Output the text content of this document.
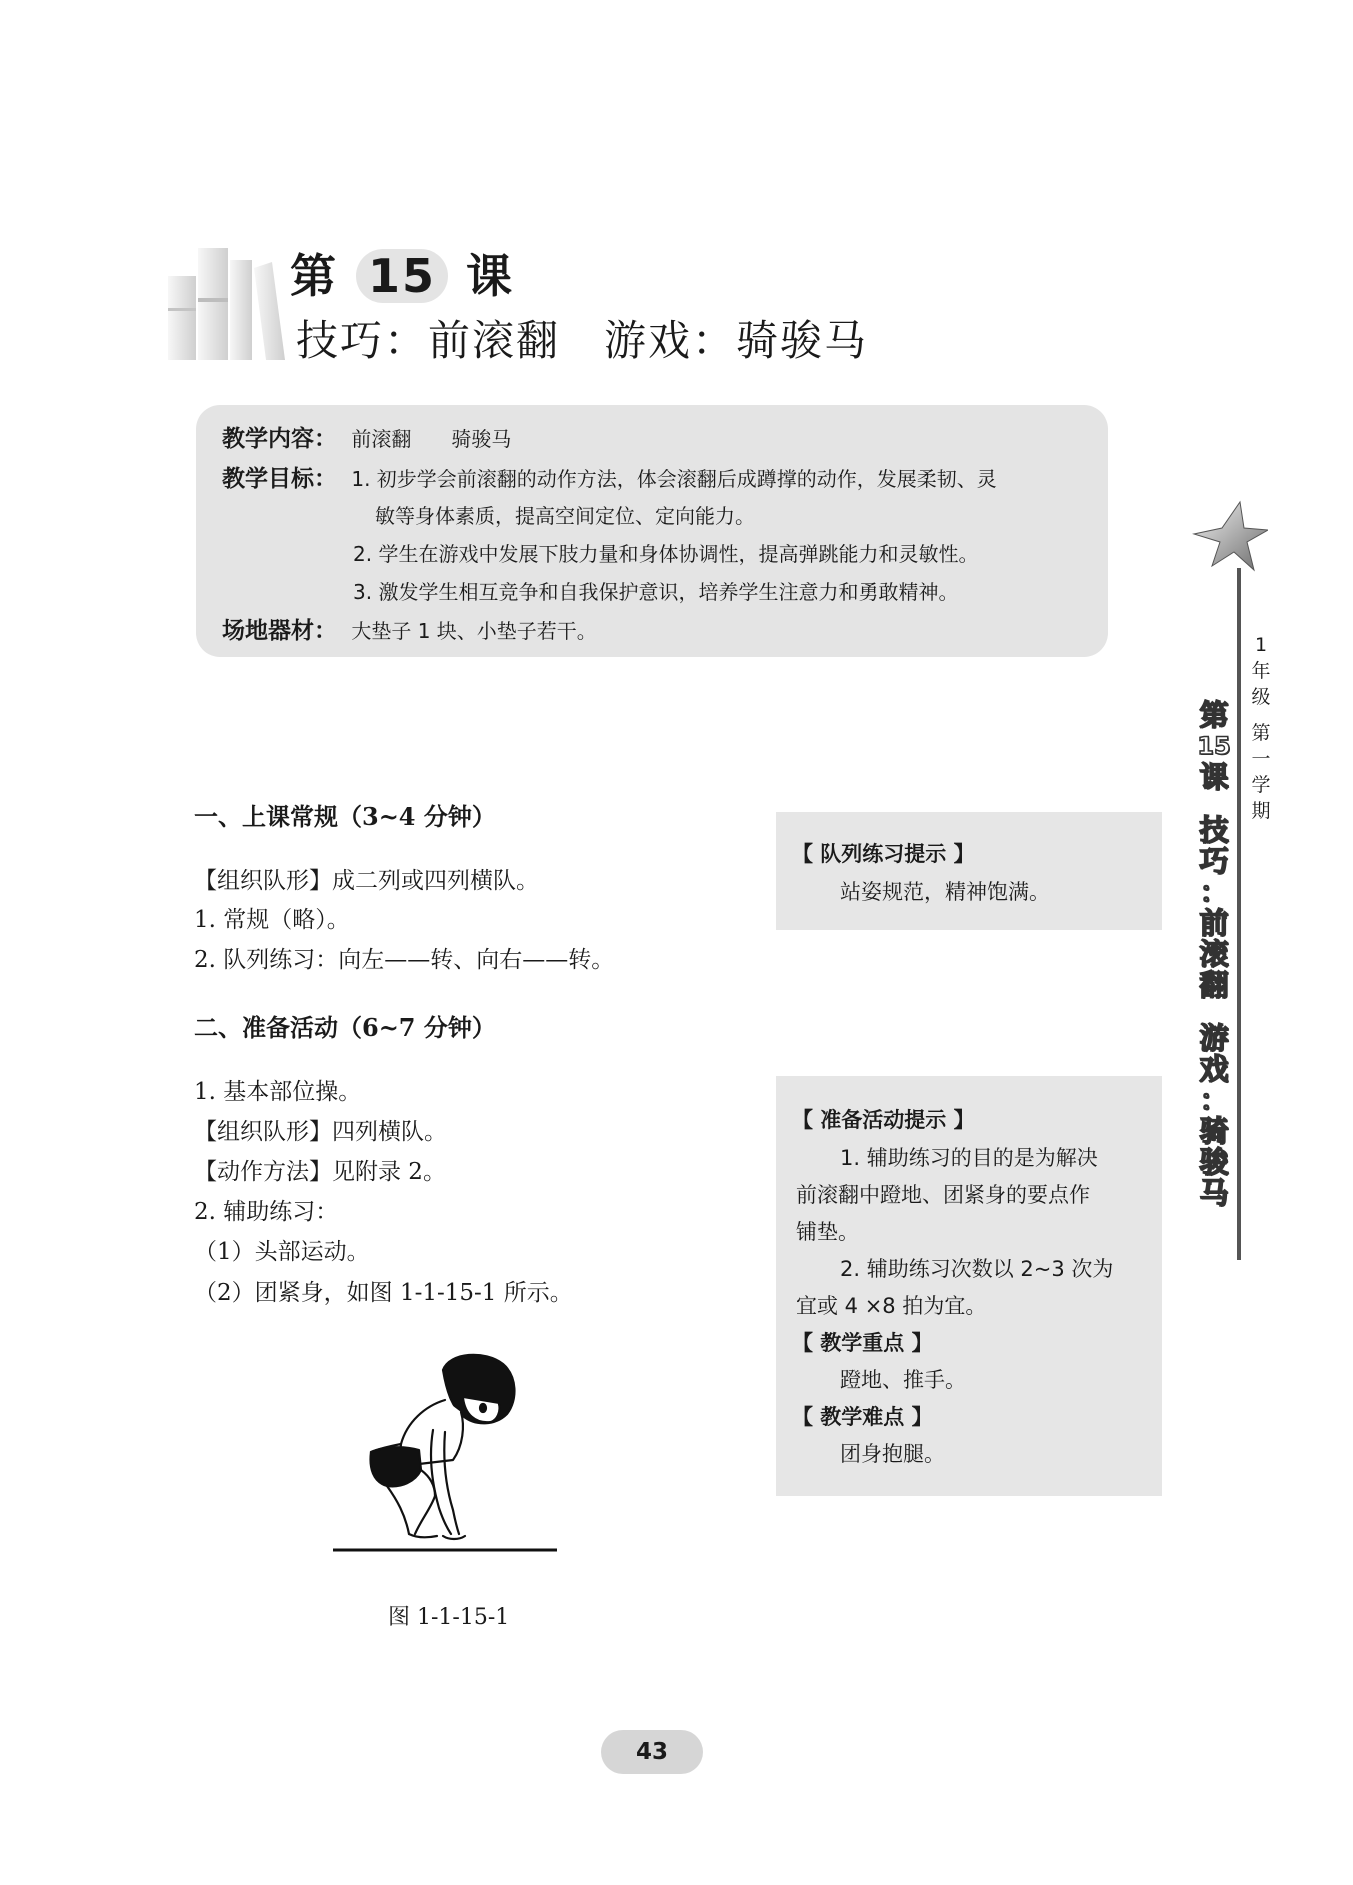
第 15 课
技巧：前滚翻　游戏：骑骏马
教学内容： 前滚翻　　骑骏马
教学目标： 1. 初步学会前滚翻的动作方法，体会滚翻后成蹲撑的动作，发展柔韧、灵
敏等身体素质，提高空间定位、定向能力。
2. 学生在游戏中发展下肢力量和身体协调性，提高弹跳能力和灵敏性。
3. 激发学生相互竞争和自我保护意识，培养学生注意力和勇敢精神。
场地器材： 大垫子 1 块、小垫子若干。
1
年
级
第
一
学
期
第
15
课
技
巧
：
前
滚
翻
游
戏
：
骑
骏
马
一、上课常规（3~4 分钟）
【组织队形】成二列或四列横队。
1. 常规（略）。
2. 队列练习：向左——转、向右——转。
二、准备活动（6~7 分钟）
1. 基本部位操。
【组织队形】四列横队。
【动作方法】见附录 2。
2. 辅助练习：
（1）头部运动。
（2）团紧身，如图 1-1-15-1 所示。
【 队列练习提示 】
站姿规范，精神饱满。
【 准备活动提示 】
1. 辅助练习的目的是为解决
前滚翻中蹬地、团紧身的要点作
铺垫。
2. 辅助练习次数以 2~3 次为
宜或 4 ×8 拍为宜。
【 教学重点 】
蹬地、推手。
【 教学难点 】
团身抱腿。
图 1-1-15-1
43
